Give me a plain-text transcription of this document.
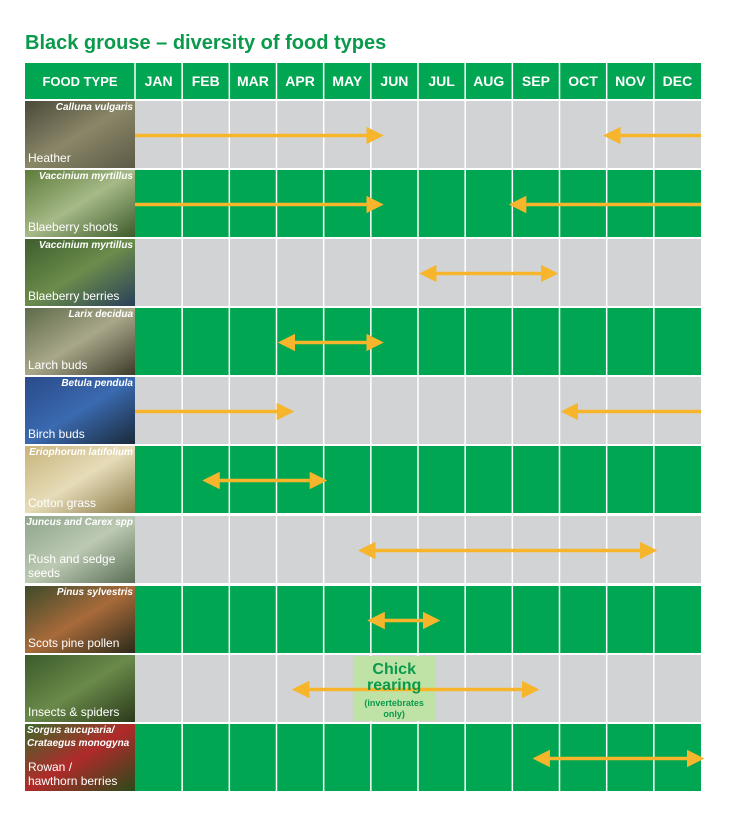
Black grouse – diversity of food types
FOOD TYPE JAN FEB MAR APR MAY JUN JUL AUG SEP OCT NOV DEC
Calluna vulgaris
Heather
Vaccinium myrtillus
Blaeberry shoots
Vaccinium myrtillus
Blaeberry berries
Larix decidua
Larch buds
Betula pendula
Birch buds
Eriophorum latifolium
Cotton grass
Juncus and Carex spp
Rush and sedge
seeds
Pinus sylvestris
Scots pine pollen
Insects & spiders
Chick
rearing
(invertebrates
only)
Sorgus aucuparia/
Crataegus monogyna
Rowan /
hawthorn berries
